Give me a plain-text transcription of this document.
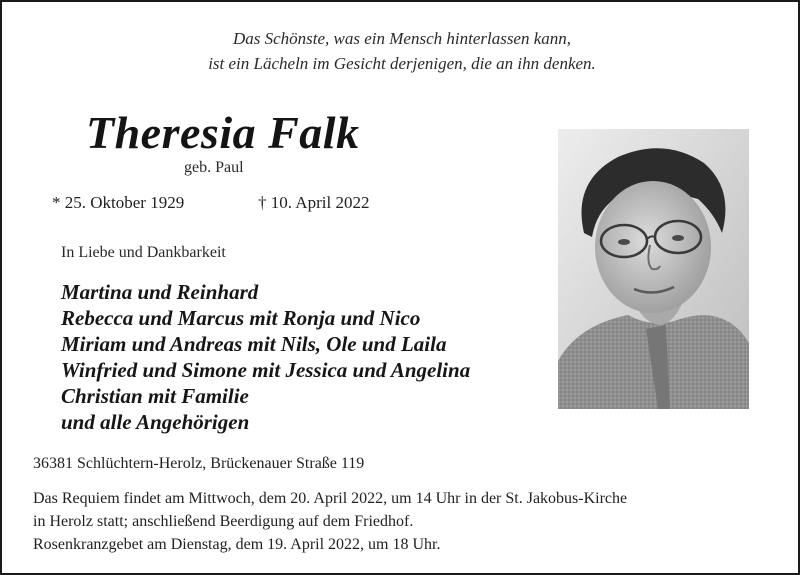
Das Schönste, was ein Mensch hinterlassen kann,
ist ein Lächeln im Gesicht derjenigen, die an ihn denken.
Theresia Falk
geb. Paul
* 25. Oktober 1929	† 10. April 2022
In Liebe und Dankbarkeit
Martina und Reinhard
Rebecca und Marcus mit Ronja und Nico
Miriam und Andreas mit Nils, Ole und Laila
Winfried und Simone mit Jessica und Angelina
Christian mit Familie
und alle Angehörigen
36381 Schlüchtern-Herolz, Brückenauer Straße 119
Das Requiem findet am Mittwoch, dem 20. April 2022, um 14 Uhr in der St. Jakobus-Kirche
in Herolz statt; anschließend Beerdigung auf dem Friedhof.
Rosenkranzgebet am Dienstag, dem 19. April 2022, um 18 Uhr.
